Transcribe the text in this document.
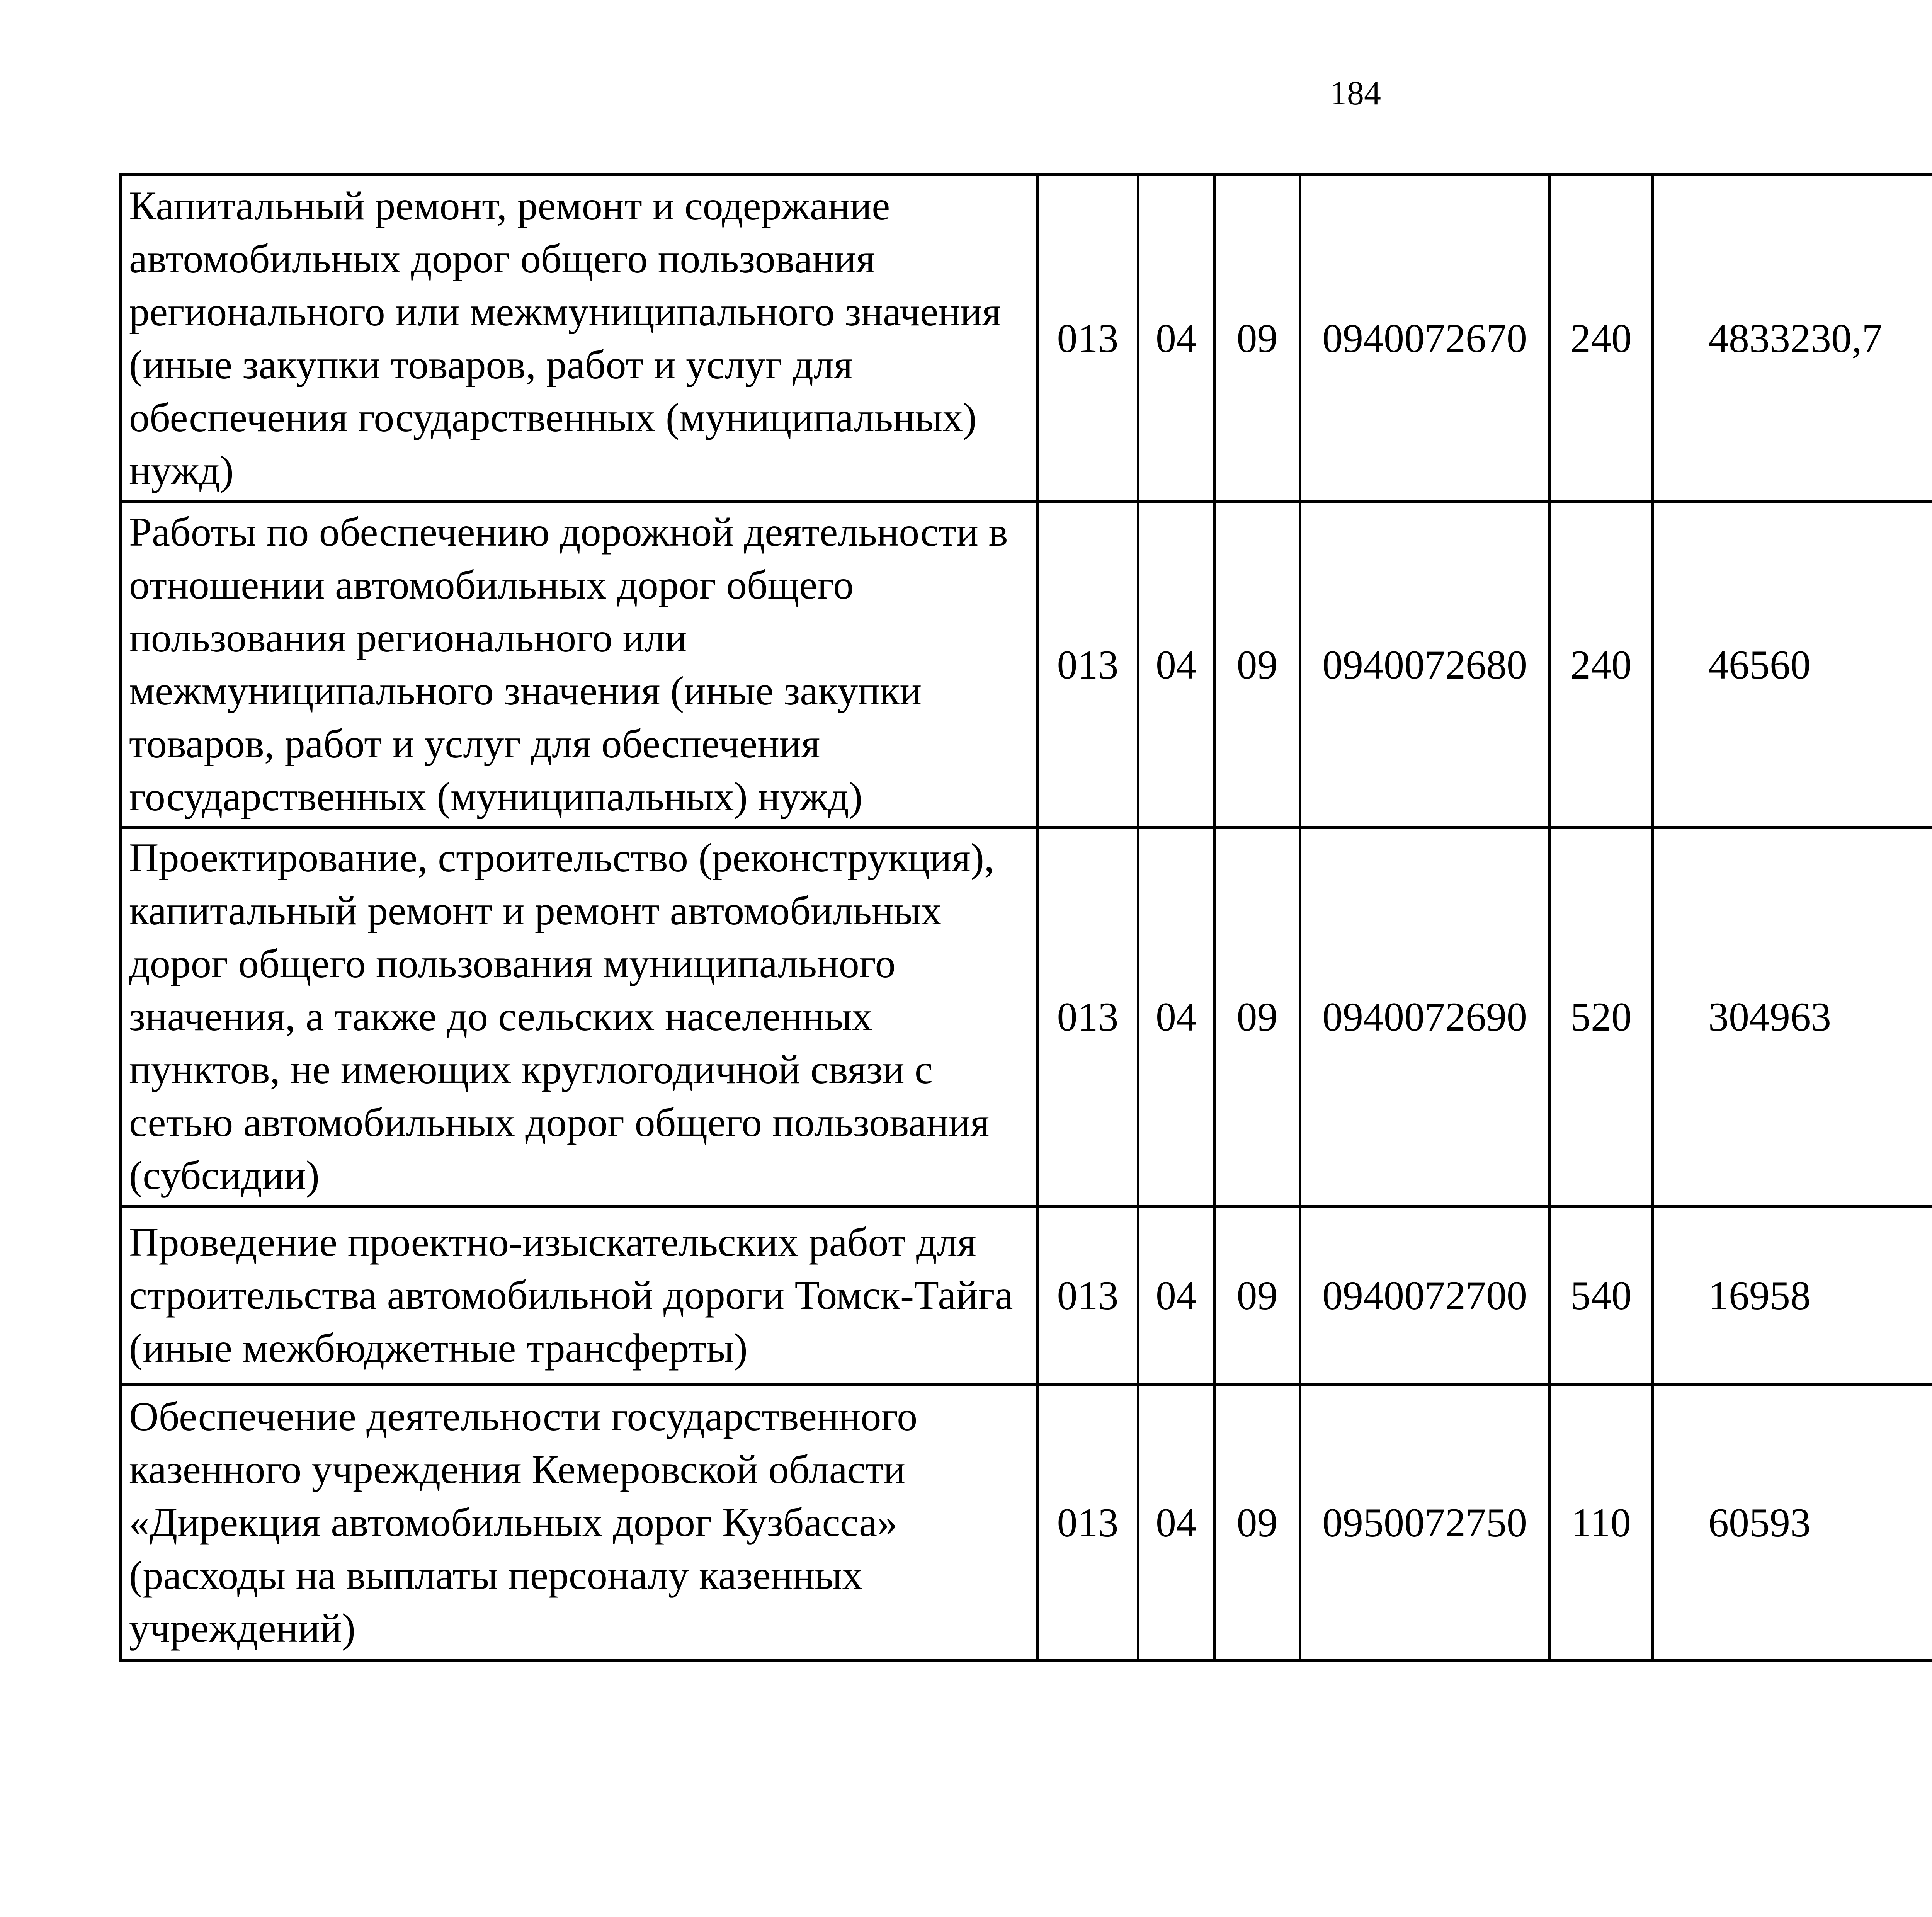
184
Капитальный ремонт, ремонт и содержание автомобильных дорог общего пользования регионального или межмуниципального значения (иные закупки товаров, работ и услуг для обеспечения государственных (муниципальных) нужд)	013	04	09	0940072670	240	4833230,7		
Работы по обеспечению дорожной деятельности в отношении автомобильных дорог общего пользования регионального или межмуниципального значения (иные закупки товаров, работ и услуг для обеспечения государственных (муниципальных) нужд)	013	04	09	0940072680	240	46560		
Проектирование, строительство (реконструкция), капитальный ремонт и ремонт автомобильных дорог общего пользования муниципального значения, а также до сельских населенных пунктов, не имеющих круглогодичной связи с сетью автомобильных дорог общего пользования (субсидии)	013	04	09	0940072690	520	304963		
Проведение проектно-изыскательских работ для строительства автомобильной дороги Томск-Тайга (иные межбюджетные трансферты)	013	04	09	0940072700	540	16958		
Обеспечение деятельности государственного казенного учреждения Кемеровской области «Дирекция автомобильных дорог Кузбасса» (расходы на выплаты персоналу казенных учреждений)	013	04	09	0950072750	110	60593		
